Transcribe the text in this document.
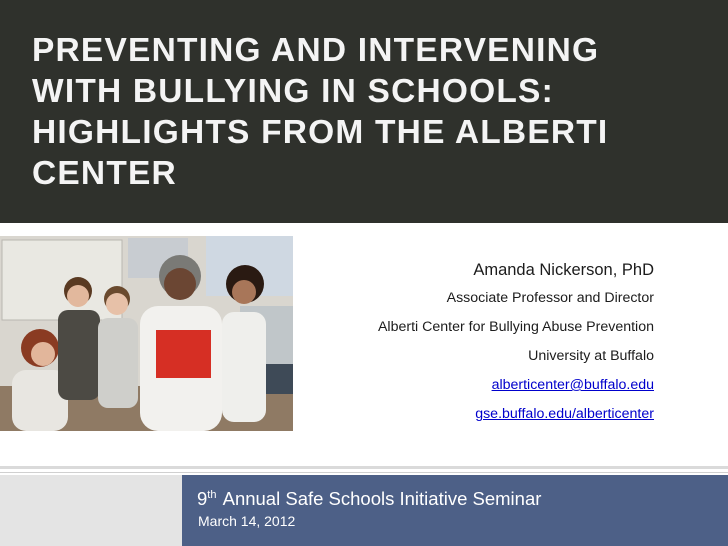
PREVENTING AND INTERVENING WITH BULLYING IN SCHOOLS: HIGHLIGHTS FROM THE ALBERTI CENTER
Amanda Nickerson, PhD
Associate Professor and Director
Alberti Center for Bullying Abuse Prevention
University at Buffalo
alberticenter@buffalo.edu
gse.buffalo.edu/alberticenter
9th Annual Safe Schools Initiative Seminar
March 14, 2012
